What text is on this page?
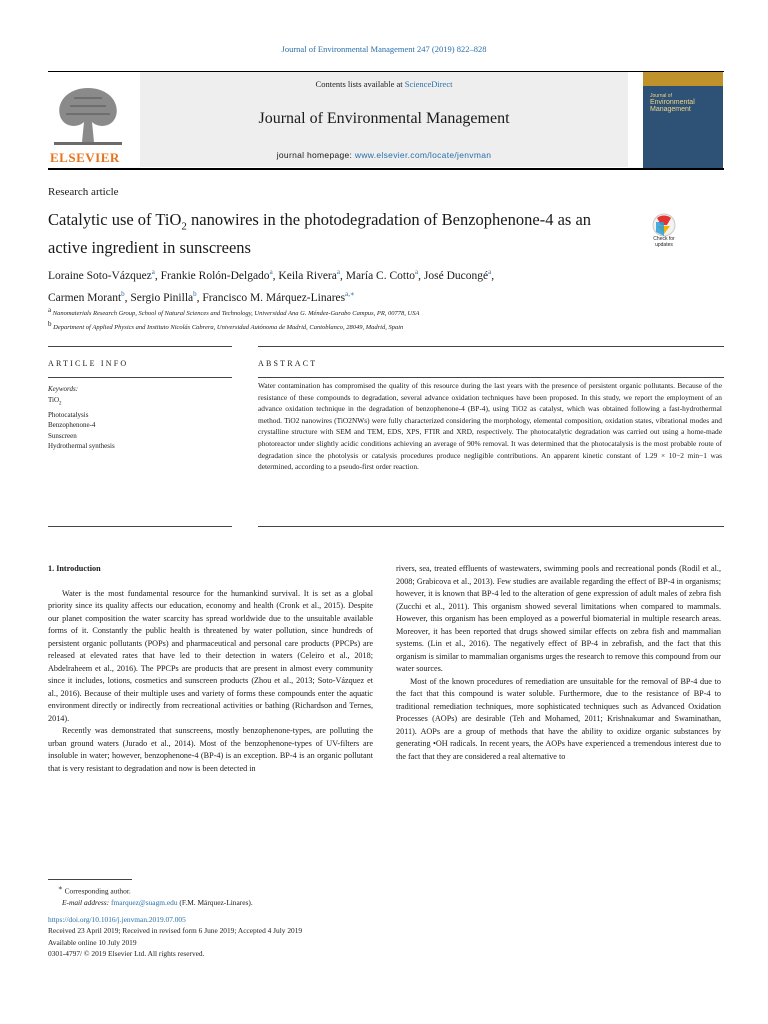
Journal of Environmental Management 247 (2019) 822–828
ELSEVIER
Contents lists available at ScienceDirect
Journal of Environmental Management
journal homepage: www.elsevier.com/locate/jenvman
Journal of
Environmental Management
Research article
Catalytic use of TiO$_2$ nanowires in the photodegradation of Benzophenone-4 as an active ingredient in sunscreens	Check for updates
Loraine Soto-Vázquez$^a$, Frankie Rolón-Delgado$^a$, Keila Rivera$^a$, María C. Cotto$^a$, José Ducongé$^a$,
Carmen Morant$^b$, Sergio Pinilla$^b$, Francisco M. Márquez-Linares$^{a,∗}$
$^a$ Nanomaterials Research Group, School of Natural Sciences and Technology, Universidad Ana G. Méndez-Gurabo Campus, PR, 00778, USA
$^b$ Department of Applied Physics and Instituto Nicolás Cabrera, Universidad Autónoma de Madrid, Cantoblanco, 28049, Madrid, Spain
ARTICLE INFO	ABSTRACT
Keywords:
TiO$_2$
Photocatalysis
Benzophenone-4
Sunscreen
Hydrothermal synthesis
Water contamination has compromised the quality of this resource during the last years with the presence of persistent organic pollutants. Because of the resistance of these compounds to degradation, several advance oxidation techniques have been proposed. In this study, we report the employment of an advance oxidation technique in the degradation of benzophenone-4 (BP-4), using TiO2 as catalyst, which was obtained following a fast-hydrothermal method. TiO2 nanowires (TiO2NWs) were fully characterized considering the morphology, elemental composition, oxidation states, vibrational modes and crystalline structure with SEM and TEM, EDS, XPS, FTIR and XRD, respectively. The photocatalytic degradation was carried out using a home-made photoreactor under slightly acidic conditions achieving an average of 90% removal. It was determined that the photocatalysis is the most probable route of degradation since the photolysis or catalysis procedures produce negligible contributions. An apparent kinetic constant of 1.29 × 10−2 min−1 was determined, according to a pseudo-first order reaction.

1. Introduction

Water is the most fundamental resource for the humankind survival. It is set as a global priority since its quality affects our education, economy and health (Cronk et al., 2015). Despite our planet composition the water scarcity has spread worldwide due to the unsuitable available forms of it. Constantly the public health is threatened by water pollution, since hundreds of persistent organic pollutants (POPs) and pharmaceutical and personal care products (PPCPs) are released at elevated rates that have led to their detection in waters (Celeiro et al., 2018; Abdelraheem et al., 2016). The PPCPs are products that are present in almost every community since it includes, lotions, cosmetics and sunscreen products (Zhou et al., 2013; Soto-Vázquez et al., 2016). Because of their multiple uses and variety of forms these compounds enter the aquatic environment directly or indirectly from recreational activities or bathing (Richardson and Ternes, 2014).

Recently was demonstrated that sunscreens, mostly benzophenone-types, are polluting the urban ground waters (Jurado et al., 2014). Most of the benzophenone-types of UV-filters are insoluble in water; however, benzophenone-4 (BP-4) is an exception. BP-4 is an organic pollutant that is very resistant to degradation and now is been detected in

rivers, sea, treated effluents of wastewaters, swimming pools and recreational ponds (Rodil et al., 2008; Grabicova et al., 2013). Few studies are available regarding the effect of BP-4 in organisms; however, it is known that BP-4 led to the alteration of gene expression of adult males of zebra fish (Zucchi et al., 2011). This organism showed several limitations when compared to mammals. However, this organism has been employed as a powerful biomaterial in multiple research areas. Moreover, it has been reported that drugs showed similar effects on zebra fish and mammalian systems. (Lin et al., 2016). The negatively effect of BP-4 in zebrafish, and the fact that this organism is similar to mammalian organisms urges the research to remove this compound from our water sources.

Most of the known procedures of remediation are unsuitable for the removal of BP-4 due to the fact that this compound is water soluble. Furthermore, due to the resistance of BP-4 to traditional remediation techniques, more sophisticated techniques such as Advanced Oxidation Processes (AOPs) are desirable (Teh and Mohamed, 2011; Krishnakumar and Swaminathan, 2011). AOPs are a group of methods that have the ability to oxidize organic substances by generating •OH radicals. In recent years, the AOPs have experienced a tremendous interest due to the fact that they are considered a real alternative to

∗ Corresponding author.
E-mail address: fmarquez@suagm.edu (F.M. Márquez-Linares).
https://doi.org/10.1016/j.jenvman.2019.07.005
Received 23 April 2019; Received in revised form 6 June 2019; Accepted 4 July 2019
Available online 10 July 2019
0301-4797/ © 2019 Elsevier Ltd. All rights reserved.
